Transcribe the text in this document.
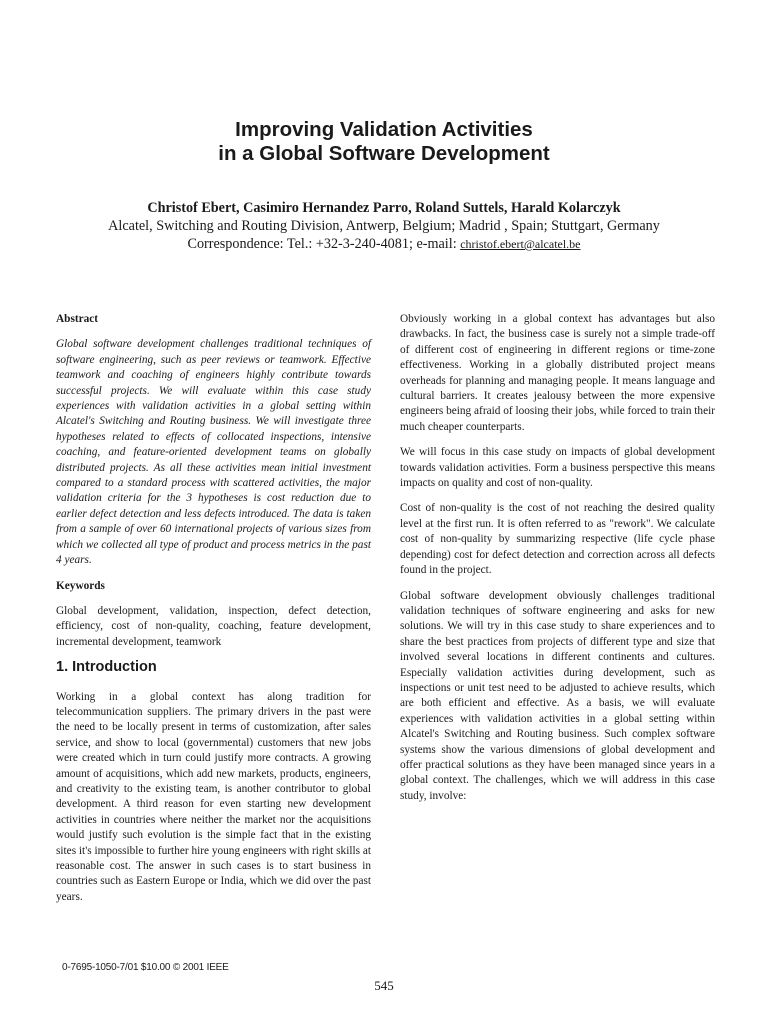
Improving Validation Activities
in a Global Software Development

Christof Ebert, Casimiro Hernandez Parro, Roland Suttels, Harald Kolarczyk

Alcatel, Switching and Routing Division, Antwerp, Belgium; Madrid , Spain; Stuttgart, Germany

Correspondence: Tel.: +32-3-240-4081; e-mail: christof.ebert@alcatel.be

Abstract

Global software development challenges traditional techniques of software engineering, such as peer reviews or teamwork. Effective teamwork and coaching of engineers highly contribute towards successful projects. We will evaluate within this case study experiences with validation activities in a global setting within Alcatel's Switching and Routing business. We will investigate three hypotheses related to effects of collocated inspections, intensive coaching, and feature-oriented development teams on globally distributed projects. As all these activities mean initial investment compared to a standard process with scattered activities, the major validation criteria for the 3 hypotheses is cost reduction due to earlier defect detection and less defects introduced. The data is taken from a sample of over 60 international projects of various sizes from which we collected all type of product and process metrics in the past 4 years.

Keywords

Global development, validation, inspection, defect detection, efficiency, cost of non-quality, coaching, feature development, incremental development, teamwork

1. Introduction

Working in a global context has along tradition for telecommunication suppliers. The primary drivers in the past were the need to be locally present in terms of customization, after sales service, and show to local (governmental) customers that new jobs were created which in turn could justify more contracts. A growing amount of acquisitions, which add new markets, products, engineers, and creativity to the existing team, is another contributor to global development. A third reason for even starting new development activities in countries where neither the market nor the acquisitions would justify such evolution is the simple fact that in the existing sites it's impossible to further hire young engineers with right skills at reasonable cost. The answer in such cases is to start business in countries such as Eastern Europe or India, which we did over the past years.

Obviously working in a global context has advantages but also drawbacks. In fact, the business case is surely not a simple trade-off of different cost of engineering in different regions or time-zone effectiveness. Working in a globally distributed project means overheads for planning and managing people. It means language and cultural barriers. It creates jealousy between the more expensive engineers being afraid of loosing their jobs, while forced to train their much cheaper counterparts.

We will focus in this case study on impacts of global development towards validation activities. Form a business perspective this means impacts on quality and cost of non-quality.

Cost of non-quality is the cost of not reaching the desired quality level at the first run. It is often referred to as "rework". We calculate cost of non-quality by summarizing respective (life cycle phase depending) cost for defect detection and correction across all defects found in the project.

Global software development obviously challenges traditional validation techniques of software engineering and asks for new solutions. We will try in this case study to share experiences and to share the best practices from projects of different type and size that involved several locations in different continents and cultures. Especially validation activities during development, such as inspections or unit test need to be adjusted to achieve results, which are both efficient and effective. As a basis, we will evaluate experiences with validation activities in a global setting within Alcatel's Switching and Routing business. Such complex software systems show the various dimensions of global development and offer practical solutions as they have been managed since years in a global context. The challenges, which we will address in this case study, involve:

0-7695-1050-7/01 $10.00 © 2001 IEEE

545
